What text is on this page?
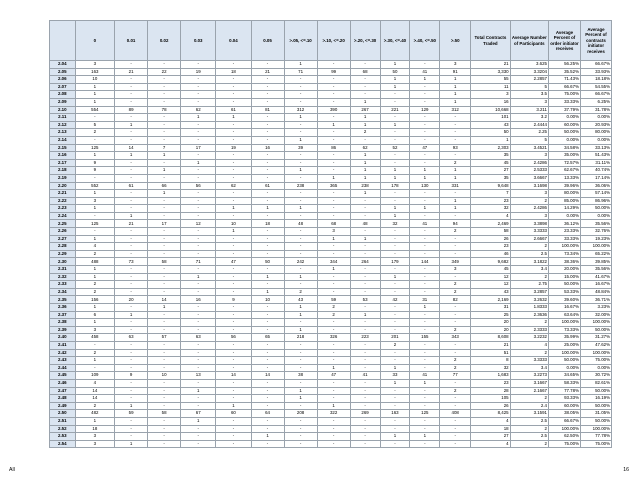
	0	0.01	0.02	0.03	0.04	0.05	>.05, <=.10	>.10, <=.20	>.20, <=.30	>.30, <=.40	>.40, <=.50	>.50	Total Contracts Traded	Average Number of Participants	Average Percent of order initiator receives	Average Percent of contracts initiator receives
2.04	3	-	-	-	-	-	1	-	-	1	-	3	21	3.625	56.25%	66.67%
2.05	163	21	22	19	18	21	71	99	68	50	41	91	3,330	3.3204	35.52%	33.93%
2.06	10	-	-	-	-	-	-	-	-	1	1	1	55	2.2857	71.43%	18.18%
2.07	1	-	-	-	-	-	-	-	-	1	-	1	11	5	66.67%	54.55%
2.08	1	-	-	-	-	-	-	-	-	-	-	1	3	3.5	75.00%	66.67%
2.09	1	-	-	-	-	-	-	-	1	-	-	1	16	3	33.33%	6.25%
2.10	554	89	78	62	61	81	312	390	267	221	129	312	10,668	3.211	37.79%	31.78%
2.11	-	-	-	1	1	-	1	-	1	-	-	-	101	3.2	0.00%	0.00%
2.12	5	1	-	-	-	-	-	1	1	1	-	-	43	2.4444	60.00%	20.93%
2.13	2	-	-	-	-	-	-	-	2	-	-	-	50	2.25	50.00%	80.00%
2.14	-	-	-	-	-	-	1	-	-	-	-	-	1	5	0.00%	0.00%
2.15	125	14	7	17	19	16	39	86	62	52	47	93	2,303	3.4521	34.58%	33.13%
2.16	1	1	1	-	-	-	-	-	1	-	-	-	35	3	35.00%	51.43%
2.17	9	-	-	1	-	-	-	-	1	-	-	2	45	2.4286	72.57%	31.11%
2.18	9	-	1	-	-	-	1	-	1	1	1	1	27	2.5333	62.67%	40.74%
2.19	-	-	-	-	-	-	-	1	1	1	1	1	35	3.6667	13.33%	17.14%
2.20	552	61	66	56	62	61	238	365	238	178	130	331	9,648	3.1698	39.96%	36.06%
2.21	1	-	1	-	-	-	-	-	1	-	-	-	7	3	80.00%	57.14%
2.22	3	-	-	-	-	-	-	-	-	-	-	1	23	2	85.00%	86.96%
2.23	1	-	-	-	1	1	1	-	-	1	1	1	32	2.4286	14.29%	50.00%
2.24	-	1	-	-	-	-	-	-	-	1	-	-	4	3	0.00%	0.00%
2.25	125	21	17	12	10	18	48	68	48	32	41	94	2,469	3.3898	36.12%	35.56%
2.26	-	-	-	-	1	-	-	3	-	-	-	2	58	3.3333	23.33%	32.76%
2.27	1	-	-	-	-	-	-	1	1	-	-	-	26	2.6667	33.33%	19.23%
2.28	4	-	-	-	-	-	-	-	-	-	-	-	23	2	100.00%	100.00%
2.29	2	-	-	-	-	-	-	-	-	-	-	-	46	2.5	73.34%	65.22%
2.30	488	73	58	71	47	50	242	344	264	179	144	349	9,682	3.1822	38.36%	39.85%
2.31	1	-	-	-	-	-	-	1	-	-	-	3	45	3.4	20.00%	35.56%
2.32	1	-	-	1	-	1	1	-	-	1	-	-	12	2	15.00%	41.67%
2.33	2	-	-	-	-	-	-	-	-	-	-	2	12	2.75	50.00%	16.67%
2.34	2	-	-	-	-	1	2	-	-	-	-	2	43	3.2857	53.33%	48.84%
2.35	156	20	14	16	9	10	43	59	53	42	31	82	2,169	3.2632	39.60%	36.71%
2.36	1	-	1	-	-	-	1	2	-	-	1	-	31	1.8333	16.67%	3.23%
2.37	6	1	-	-	-	-	1	2	1	-	-	-	25	2.3636	63.64%	32.00%
2.38	1	-	-	-	-	-	-	-	-	-	-	-	20	2	100.00%	100.00%
2.39	3	-	-	-	-	-	1	-	-	-	-	2	20	2.3333	73.33%	50.00%
2.40	458	63	57	63	56	65	218	326	223	201	155	343	8,608	3.2232	35.99%	31.27%
2.41	-	-	-	-	-	-	-	-	-	2	-	-	21	4	25.00%	47.62%
2.42	2	-	-	-	-	-	-	-	-	-	-	-	51	2	100.00%	100.00%
2.43	1	-	-	-	-	-	-	-	-	-	-	2	8	3.3333	50.00%	75.00%
2.44	-	-	-	-	-	-	-	1	-	1	-	2	32	3.4	0.00%	0.00%
2.45	109	9	10	13	14	14	38	47	41	33	41	77	1,683	3.2273	34.65%	30.72%
2.46	4	-	-	-	-	-	-	-	-	1	1	-	23	3.1667	58.33%	82.61%
2.47	14	-	-	1	-	-	1	-	-	-	-	2	28	2.1667	77.78%	50.00%
2.48	14	-	-	-	-	-	1	-	-	-	-	-	105	2	93.33%	16.19%
2.49	2	1	-	-	1	-	-	1	-	-	-	-	26	2.4	60.00%	50.00%
2.50	482	59	58	67	60	64	208	322	269	163	125	408	8,425	3.1591	38.05%	31.05%
2.51	1	-	-	1	-	-	-	-	-	-	-	-	4	2.5	66.67%	50.00%
2.52	18	-	-	-	-	-	-	-	-	-	-	-	18	2	100.00%	100.00%
2.53	3	-	-	-	-	1	-	-	-	1	1	-	27	2.5	62.50%	77.78%
2.54	3	1	-	-	-	-	-	-	-	-	-	-	4	2	75.00%	75.00%
All	16
